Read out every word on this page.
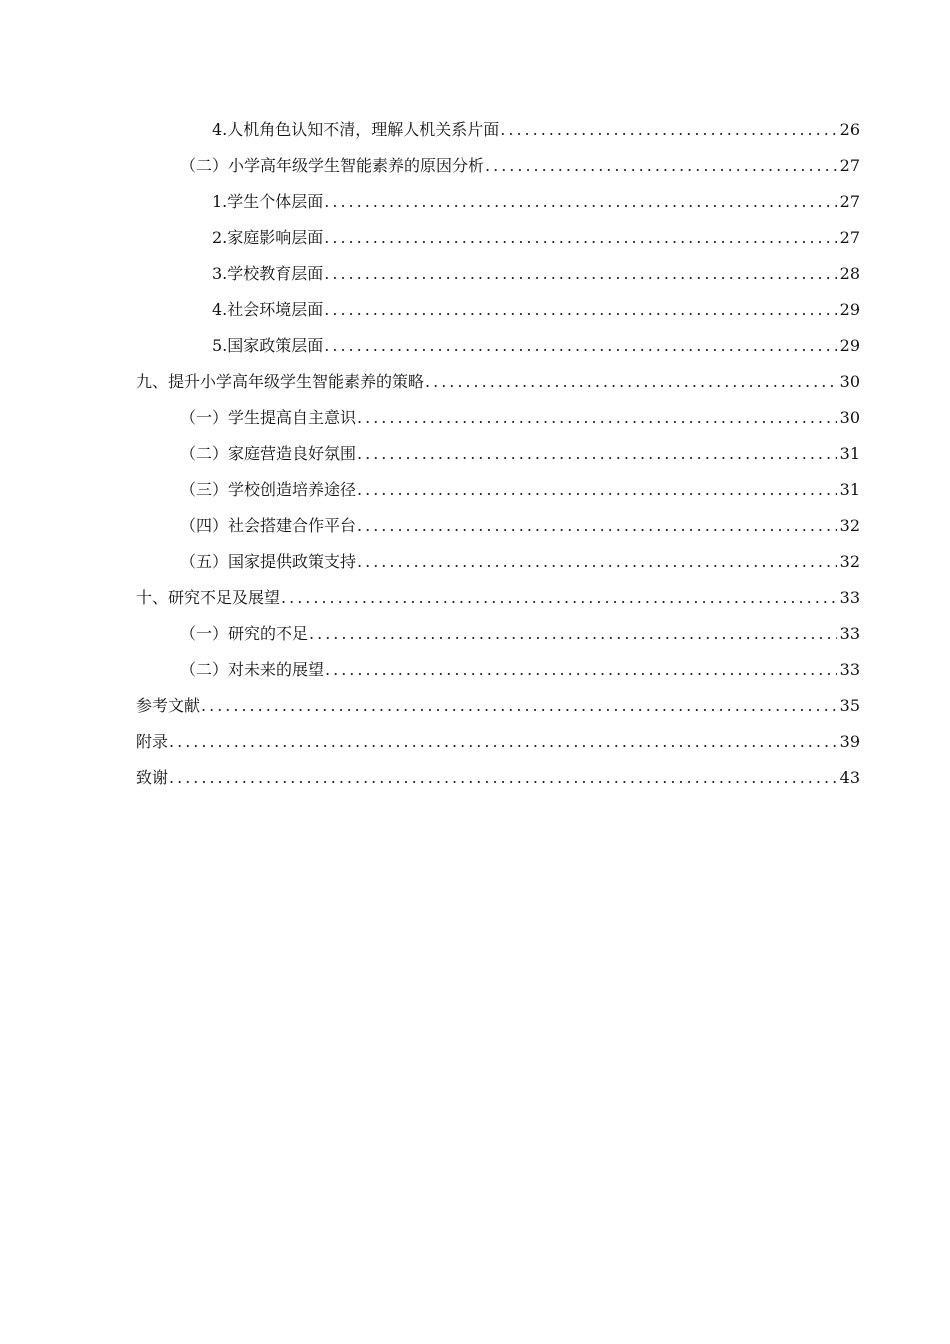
4.人机角色认知不清，理解人机关系片面 .....	26
（二）小学高年级学生智能素养的原因分析 .....	27
1.学生个体层面 .....	27
2.家庭影响层面 .....	27
3.学校教育层面 .....	28
4.社会环境层面 .....	29
5.国家政策层面 .....	29
九、提升小学高年级学生智能素养的策略 .....	30
（一）学生提高自主意识 .....	30
（二）家庭营造良好氛围 .....	31
（三）学校创造培养途径 .....	31
（四）社会搭建合作平台 .....	32
（五）国家提供政策支持 .....	32
十、研究不足及展望 .....	33
（一）研究的不足 .....	33
（二）对未来的展望 .....	33
参考文献 .....	35
附录 .....	39
致谢 .....	43
